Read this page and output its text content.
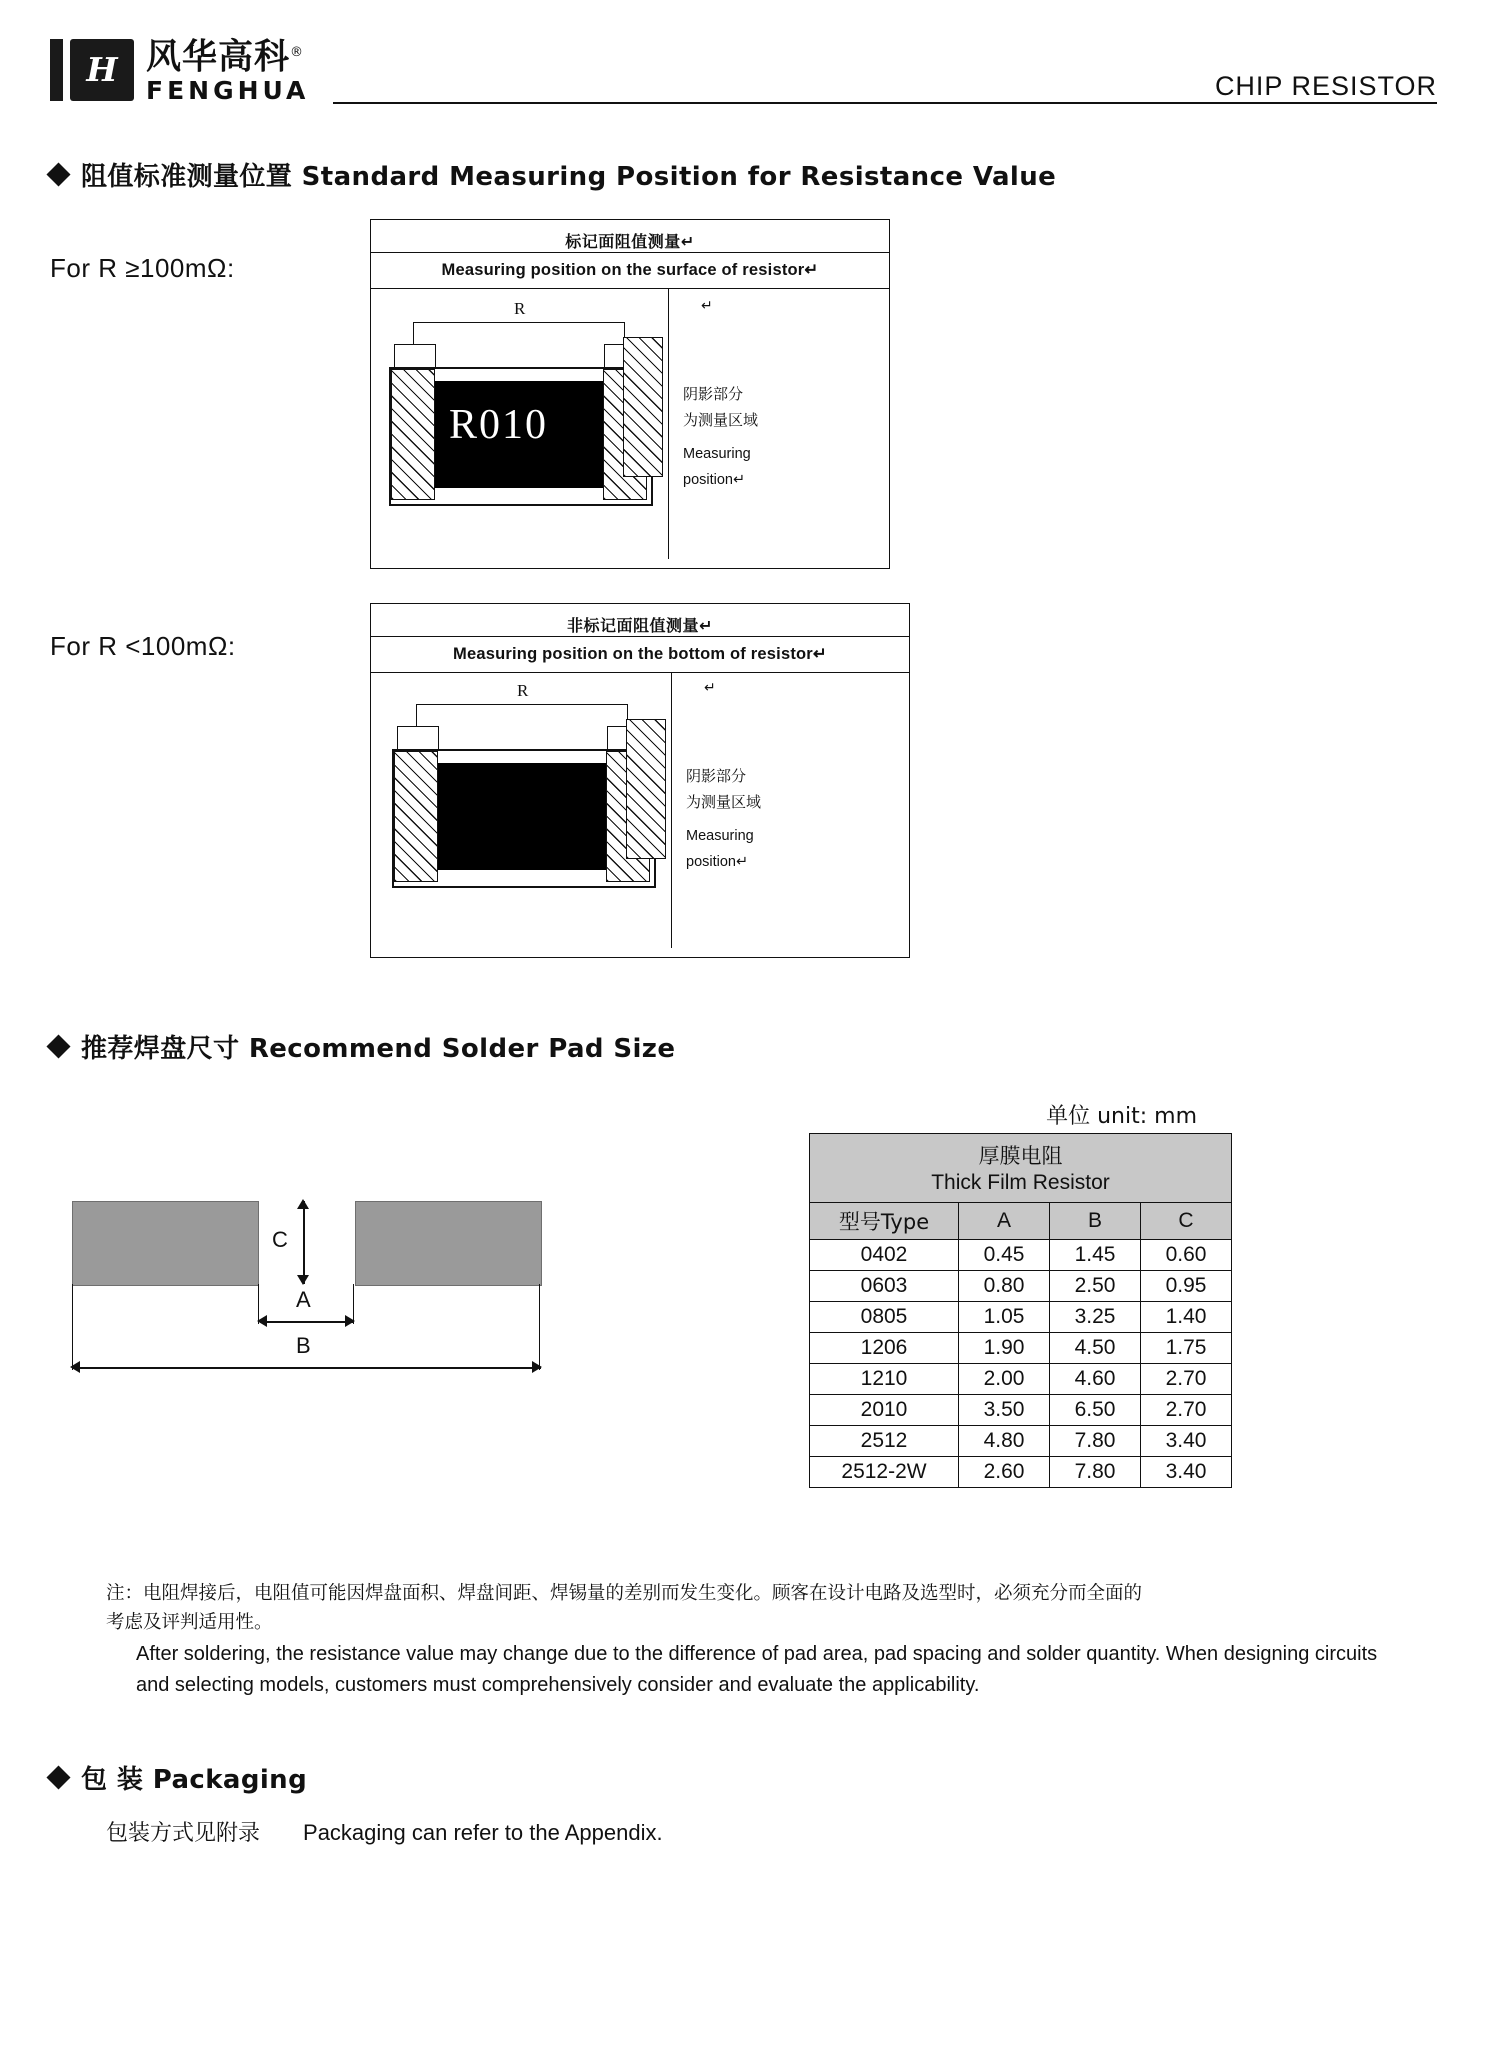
H 风华高科®
FENGHUA	CHIP RESISTOR
阻值标准测量位置 Standard Measuring Position for Resistance Value
For R ≥100mΩ:
标记面阻值测量↵
Measuring position on the surface of resistor↵
R
R010
↵
阴影部分
为测量区域
Measuring
position↵
For R <100mΩ:
非标记面阻值测量↵
Measuring position on the bottom of resistor↵
R	↵
阴影部分
为测量区域
Measuring
position↵
推荐焊盘尺寸 Recommend Solder Pad Size
单位 unit: mm
C
A
B
厚膜电阻			
Thick Film Resistor			
型号Type	A	B	C
0402	0.45	1.45	0.60
0603	0.80	2.50	0.95
0805	1.05	3.25	1.40
1206	1.90	4.50	1.75
1210	2.00	4.60	2.70
2010	3.50	6.50	2.70
2512	4.80	7.80	3.40
2512-2W	2.60	7.80	3.40
注：电阻焊接后，电阻值可能因焊盘面积、焊盘间距、焊锡量的差别而发生变化。顾客在设计电路及选型时，必须充分而全面的
考虑及评判适用性。
After soldering, the resistance value may change due to the difference of pad area, pad spacing and solder quantity. When designing circuits and selecting models, customers must comprehensively consider and evaluate the applicability.
包 装 Packaging
包装方式见附录 Packaging can refer to the Appendix.
